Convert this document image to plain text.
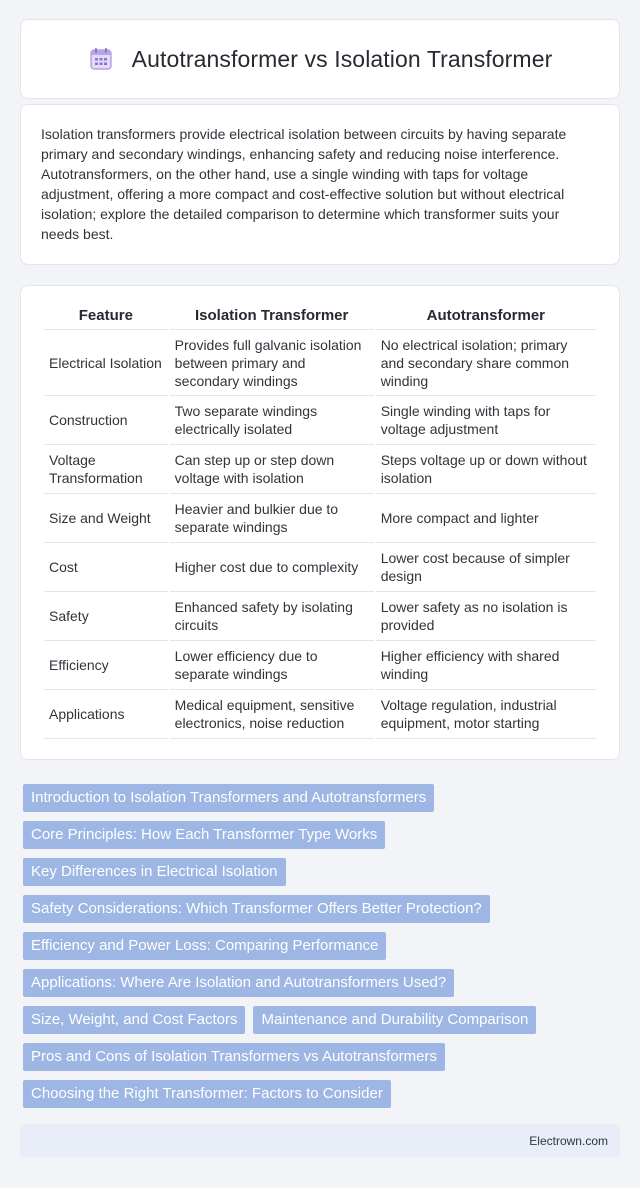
Autotransformer vs Isolation Transformer

Isolation transformers provide electrical isolation between circuits by having separate primary and secondary windings, enhancing safety and reducing noise interference. Autotransformers, on the other hand, use a single winding with taps for voltage adjustment, offering a more compact and cost-effective solution but without electrical isolation; explore the detailed comparison to determine which transformer suits your needs best.

Feature	Isolation Transformer	Autotransformer
Electrical Isolation	Provides full galvanic isolation between primary and secondary windings	No electrical isolation; primary and secondary share common winding
Construction	Two separate windings electrically isolated	Single winding with taps for voltage adjustment
Voltage Transformation	Can step up or step down voltage with isolation	Steps voltage up or down without isolation
Size and Weight	Heavier and bulkier due to separate windings	More compact and lighter
Cost	Higher cost due to complexity	Lower cost because of simpler design
Safety	Enhanced safety by isolating circuits	Lower safety as no isolation is provided
Efficiency	Lower efficiency due to separate windings	Higher efficiency with shared winding
Applications	Medical equipment, sensitive electronics, noise reduction	Voltage regulation, industrial equipment, motor starting
Introduction to Isolation Transformers and Autotransformers
Core Principles: How Each Transformer Type Works
Key Differences in Electrical Isolation
Safety Considerations: Which Transformer Offers Better Protection?
Efficiency and Power Loss: Comparing Performance
Applications: Where Are Isolation and Autotransformers Used?
Size, Weight, and Cost Factors	Maintenance and Durability Comparison
Pros and Cons of Isolation Transformers vs Autotransformers
Choosing the Right Transformer: Factors to Consider
Electrown.com
